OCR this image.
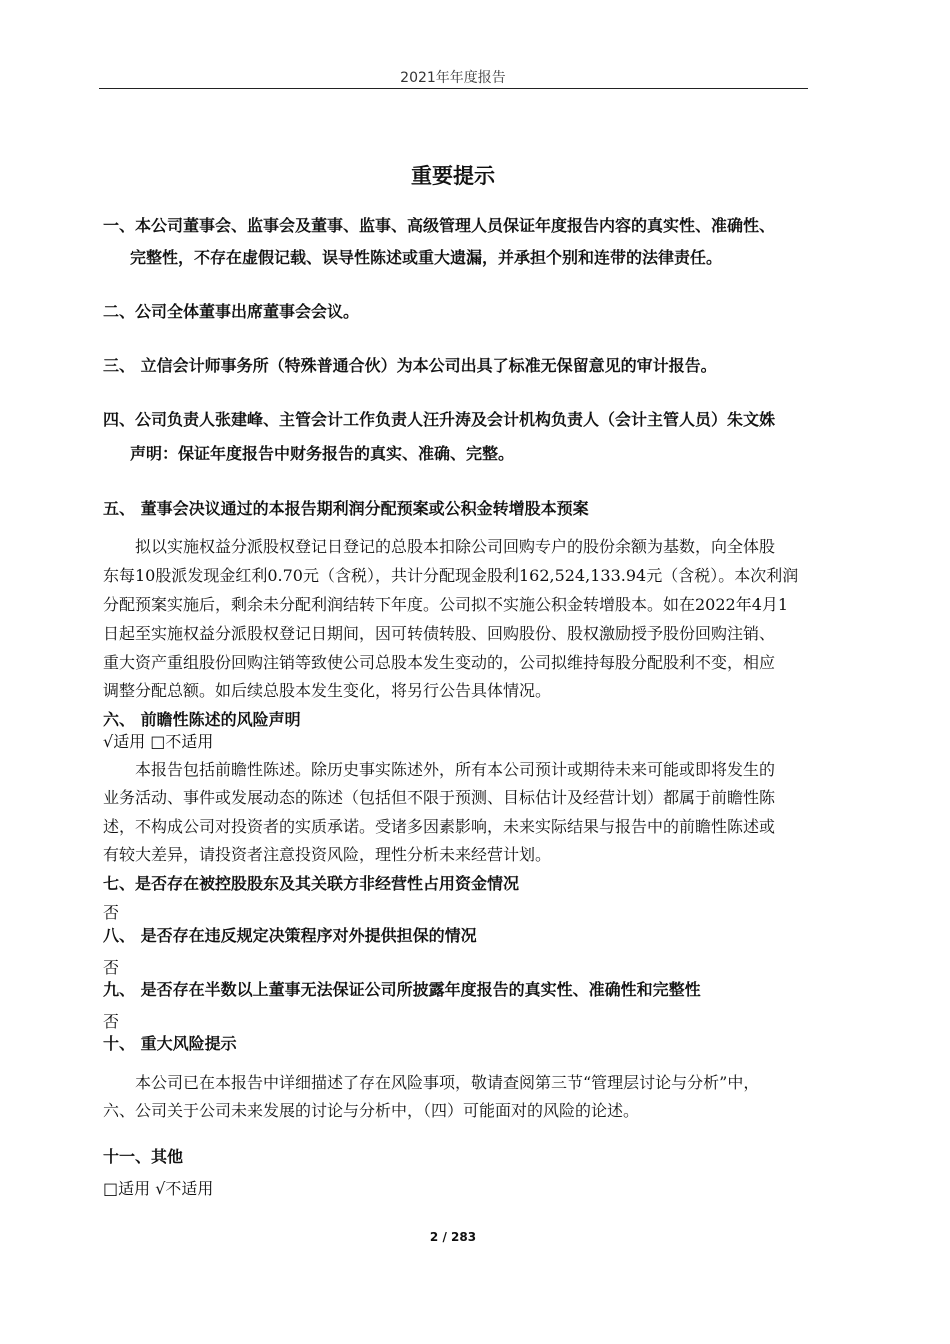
2021年年度报告
重要提示
一、本公司董事会、监事会及董事、监事、高级管理人员保证年度报告内容的真实性、准确性、
完整性，不存在虚假记载、误导性陈述或重大遗漏，并承担个别和连带的法律责任。
二、公司全体董事出席董事会会议。
三、 立信会计师事务所（特殊普通合伙）为本公司出具了标准无保留意见的审计报告。
四、公司负责人张建峰、主管会计工作负责人汪升涛及会计机构负责人（会计主管人员）朱文姝
声明：保证年度报告中财务报告的真实、准确、完整。
五、 董事会决议通过的本报告期利润分配预案或公积金转增股本预案
拟以实施权益分派股权登记日登记的总股本扣除公司回购专户的股份余额为基数，向全体股
东每10股派发现金红利0.70元（含税），共计分配现金股利162,524,133.94元（含税）。本次利润
分配预案实施后，剩余未分配利润结转下年度。公司拟不实施公积金转增股本。如在2022年4月1
日起至实施权益分派股权登记日期间，因可转债转股、回购股份、股权激励授予股份回购注销、
重大资产重组股份回购注销等致使公司总股本发生变动的，公司拟维持每股分配股利不变，相应
调整分配总额。如后续总股本发生变化，将另行公告具体情况。
六、 前瞻性陈述的风险声明
√适用 □不适用
本报告包括前瞻性陈述。除历史事实陈述外，所有本公司预计或期待未来可能或即将发生的
业务活动、事件或发展动态的陈述（包括但不限于预测、目标估计及经营计划）都属于前瞻性陈
述，不构成公司对投资者的实质承诺。受诸多因素影响，未来实际结果与报告中的前瞻性陈述或
有较大差异，请投资者注意投资风险，理性分析未来经营计划。
七、是否存在被控股股东及其关联方非经营性占用资金情况
否
八、 是否存在违反规定决策程序对外提供担保的情况
否
九、 是否存在半数以上董事无法保证公司所披露年度报告的真实性、准确性和完整性
否
十、 重大风险提示
本公司已在本报告中详细描述了存在风险事项，敬请查阅第三节“管理层讨论与分析”中，
六、公司关于公司未来发展的讨论与分析中，（四）可能面对的风险的论述。
十一、其他
□适用 √不适用
2 / 283
